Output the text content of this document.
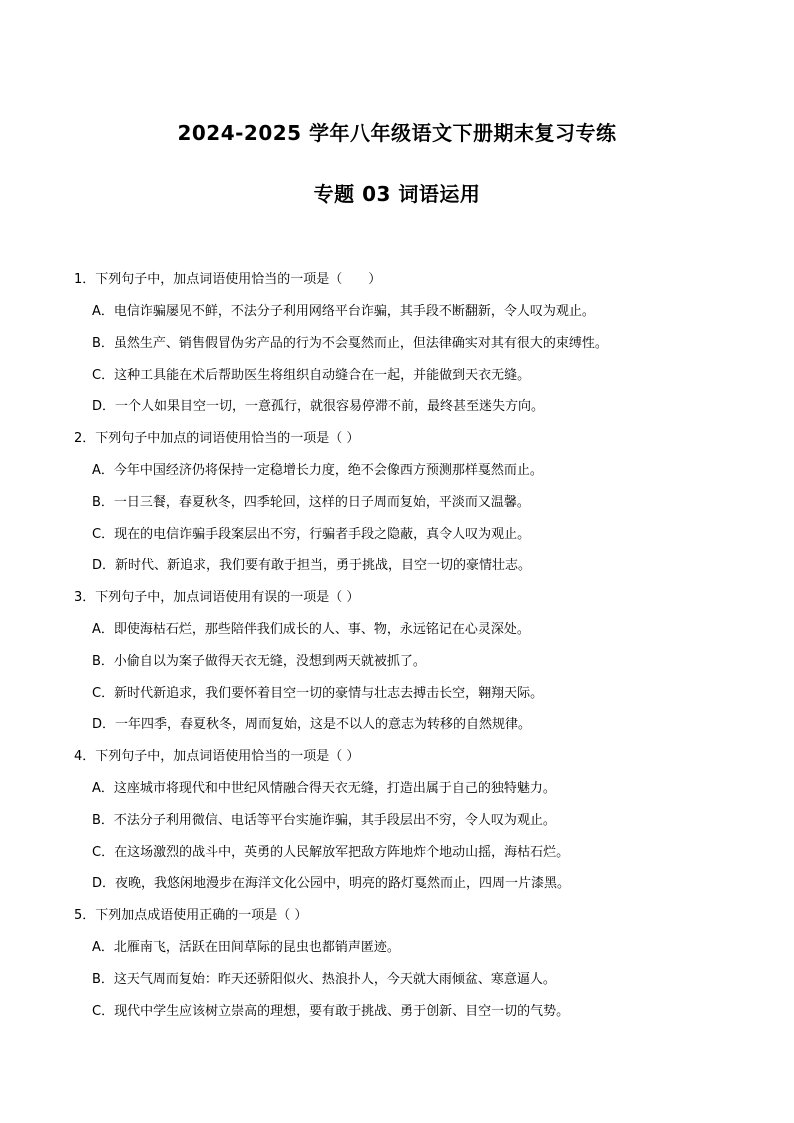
2024-2025 学年八年级语文下册期末复习专练
专题 03 词语运用
1．下列句子中，加点词语使用恰当的一项是（　　）
A．电信诈骗屡见不鲜，不法分子利用网络平台诈骗，其手段不断翻新，令人叹为观止。
B．虽然生产、销售假冒伪劣产品的行为不会戛然而止，但法律确实对其有很大的束缚性。
C．这种工具能在术后帮助医生将组织自动缝合在一起，并能做到天衣无缝。
D．一个人如果目空一切，一意孤行，就很容易停滞不前，最终甚至迷失方向。
2．下列句子中加点的词语使用恰当的一项是（ ）
A．今年中国经济仍将保持一定稳增长力度，绝不会像西方预测那样戛然而止。
B．一日三餐，春夏秋冬，四季轮回，这样的日子周而复始，平淡而又温馨。
C．现在的电信诈骗手段案层出不穷，行骗者手段之隐蔽，真令人叹为观止。
D．新时代、新追求，我们要有敢于担当，勇于挑战，目空一切的豪情壮志。
3．下列句子中，加点词语使用有误的一项是（ ）
A．即使海枯石烂，那些陪伴我们成长的人、事、物，永远铭记在心灵深处。
B．小偷自以为案子做得天衣无缝，没想到两天就被抓了。
C．新时代新追求，我们要怀着目空一切的豪情与壮志去搏击长空，翱翔天际。
D．一年四季，春夏秋冬，周而复始，这是不以人的意志为转移的自然规律。
4．下列句子中，加点词语使用恰当的一项是（ ）
A．这座城市将现代和中世纪风情融合得天衣无缝，打造出属于自己的独特魅力。
B．不法分子利用微信、电话等平台实施诈骗，其手段层出不穷，令人叹为观止。
C．在这场激烈的战斗中，英勇的人民解放军把敌方阵地炸个地动山摇，海枯石烂。
D．夜晚，我悠闲地漫步在海洋文化公园中，明亮的路灯戛然而止，四周一片漆黑。
5．下列加点成语使用正确的一项是（ ）
A．北雁南飞，活跃在田间草际的昆虫也都销声匿迹。
B．这天气周而复始：昨天还骄阳似火、热浪扑人，今天就大雨倾盆、寒意逼人。
C．现代中学生应该树立崇高的理想，要有敢于挑战、勇于创新、目空一切的气势。
